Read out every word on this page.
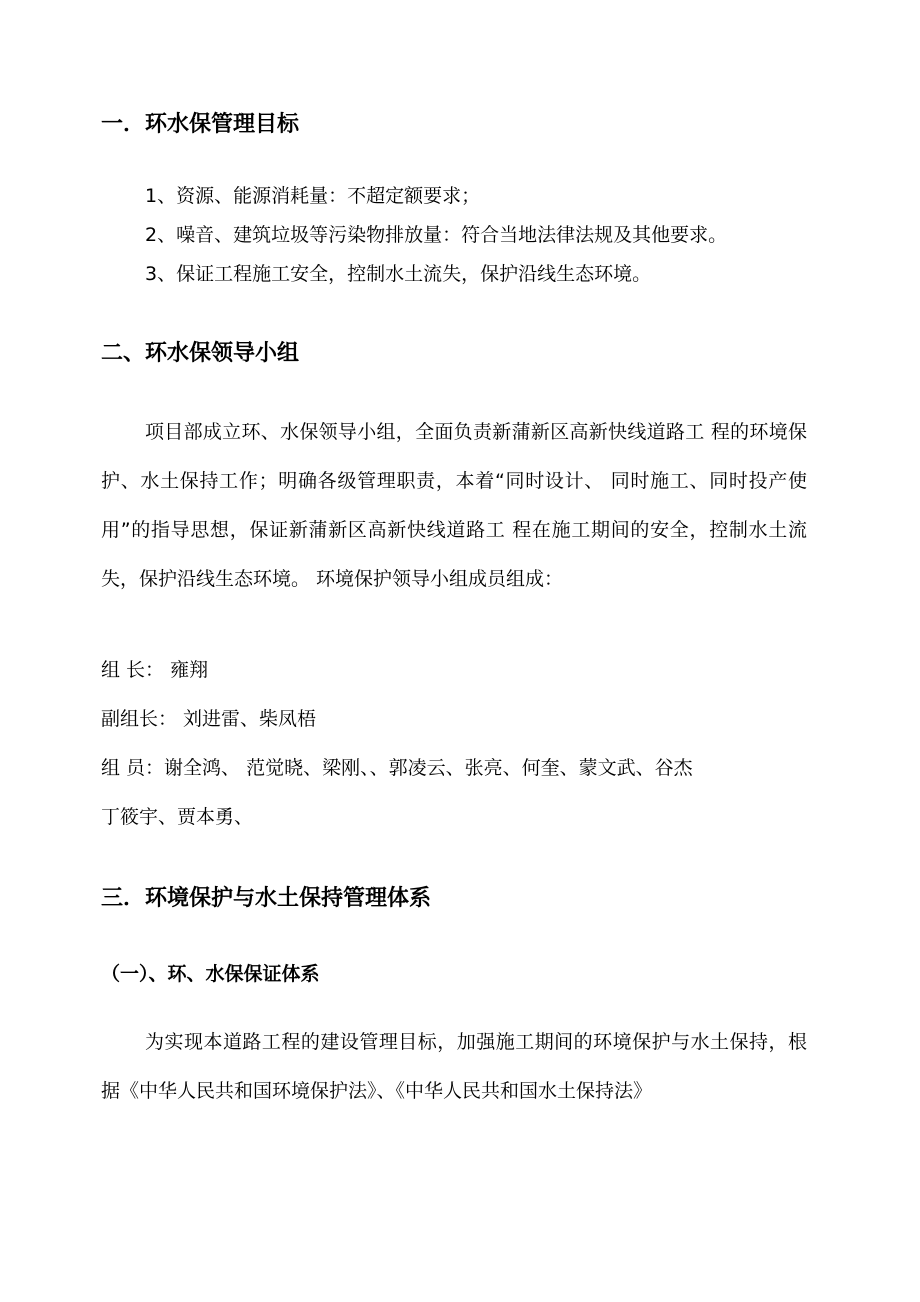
一．环水保管理目标
1、资源、能源消耗量：不超定额要求；
2、噪音、建筑垃圾等污染物排放量：符合当地法律法规及其他要求。
3、保证工程施工安全，控制水土流失，保护沿线生态环境。
二、环水保领导小组
项目部成立环、水保领导小组，全面负责新蒲新区高新快线道路工 程的环境保护、水土保持工作；明确各级管理职责，本着“同时设计、 同时施工、同时投产使用”的指导思想，保证新蒲新区高新快线道路工 程在施工期间的安全，控制水土流失，保护沿线生态环境。 环境保护领导小组成员组成：
组 长： 雍翔
副组长： 刘进雷、柴凤梧
组 员：谢全鸿、 范觉晓、梁刚、、郭凌云、张亮、何奎、蒙文武、谷杰
丁筱宇、贾本勇、
三．环境保护与水土保持管理体系
（一）、环、水保保证体系
为实现本道路工程的建设管理目标，加强施工期间的环境保护与水土保持，根据《中华人民共和国环境保护法》、《中华人民共和国水土保持法》
